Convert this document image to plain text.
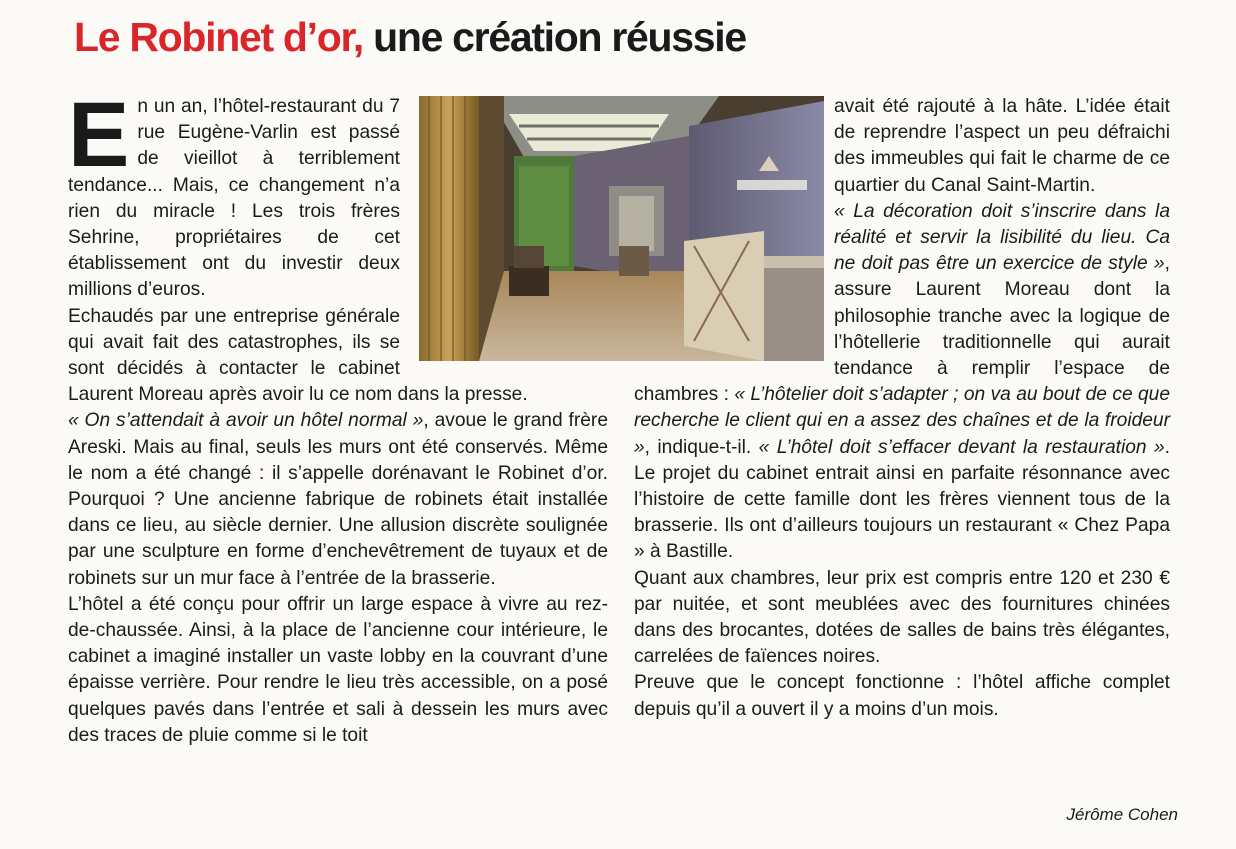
Le Robinet d’or, une création réussie

En un an, l’hôtel-restaurant du 7 rue Eugène-Varlin est passé de vieillot à terriblement tendance... Mais, ce changement n’a rien du miracle ! Les trois frères Sehrine, propriétaires de cet établissement ont du investir deux millions d’euros.

Echaudés par une entreprise générale qui avait fait des catastrophes, ils se sont décidés à contacter le cabinet Laurent Moreau après avoir lu ce nom dans la presse.

« On s’attendait à avoir un hôtel normal », avoue le grand frère Areski. Mais au final, seuls les murs ont été conservés. Même le nom a été changé : il s’appelle dorénavant le Robinet d’or. Pourquoi ? Une ancienne fabrique de robinets était installée dans ce lieu, au siècle dernier. Une allusion discrète soulignée par une sculpture en forme d’enchevêtrement de tuyaux et de robinets sur un mur face à l’entrée de la brasserie.

L’hôtel a été conçu pour offrir un large espace à vivre au rez-de-chaussée. Ainsi, à la place de l’ancienne cour intérieure, le cabinet a imaginé installer un vaste lobby en la couvrant d’une épaisse verrière. Pour rendre le lieu très accessible, on a posé quelques pavés dans l’entrée et sali à dessein les murs avec des traces de pluie comme si le toit

avait été rajouté à la hâte. L’idée était de reprendre l’aspect un peu défraichi des immeubles qui fait le charme de ce quartier du Canal Saint-Martin.

« La décoration doit s’inscrire dans la réalité et servir la lisibilité du lieu. Ca ne doit pas être un exercice de style », assure Laurent Moreau dont la philosophie tranche avec la logique de l’hôtellerie traditionnelle qui aurait tendance à remplir l’espace de chambres : « L’hôtelier doit s’adapter ; on va au bout de ce que recherche le client qui en a assez des chaînes et de la froideur », indique-t-il. « L’hôtel doit s’effacer devant la restauration ». Le projet du cabinet entrait ainsi en parfaite résonnance avec l’histoire de cette famille dont les frères viennent tous de la brasserie. Ils ont d’ailleurs toujours un restaurant « Chez Papa » à Bastille.

Quant aux chambres, leur prix est compris entre 120 et 230 € par nuitée, et sont meublées avec des fournitures chinées dans des brocantes, dotées de salles de bains très élégantes, carrelées de faïences noires.

Preuve que le concept fonctionne : l’hôtel affiche complet depuis qu’il a ouvert il y a moins d’un mois.

Jérôme Cohen
